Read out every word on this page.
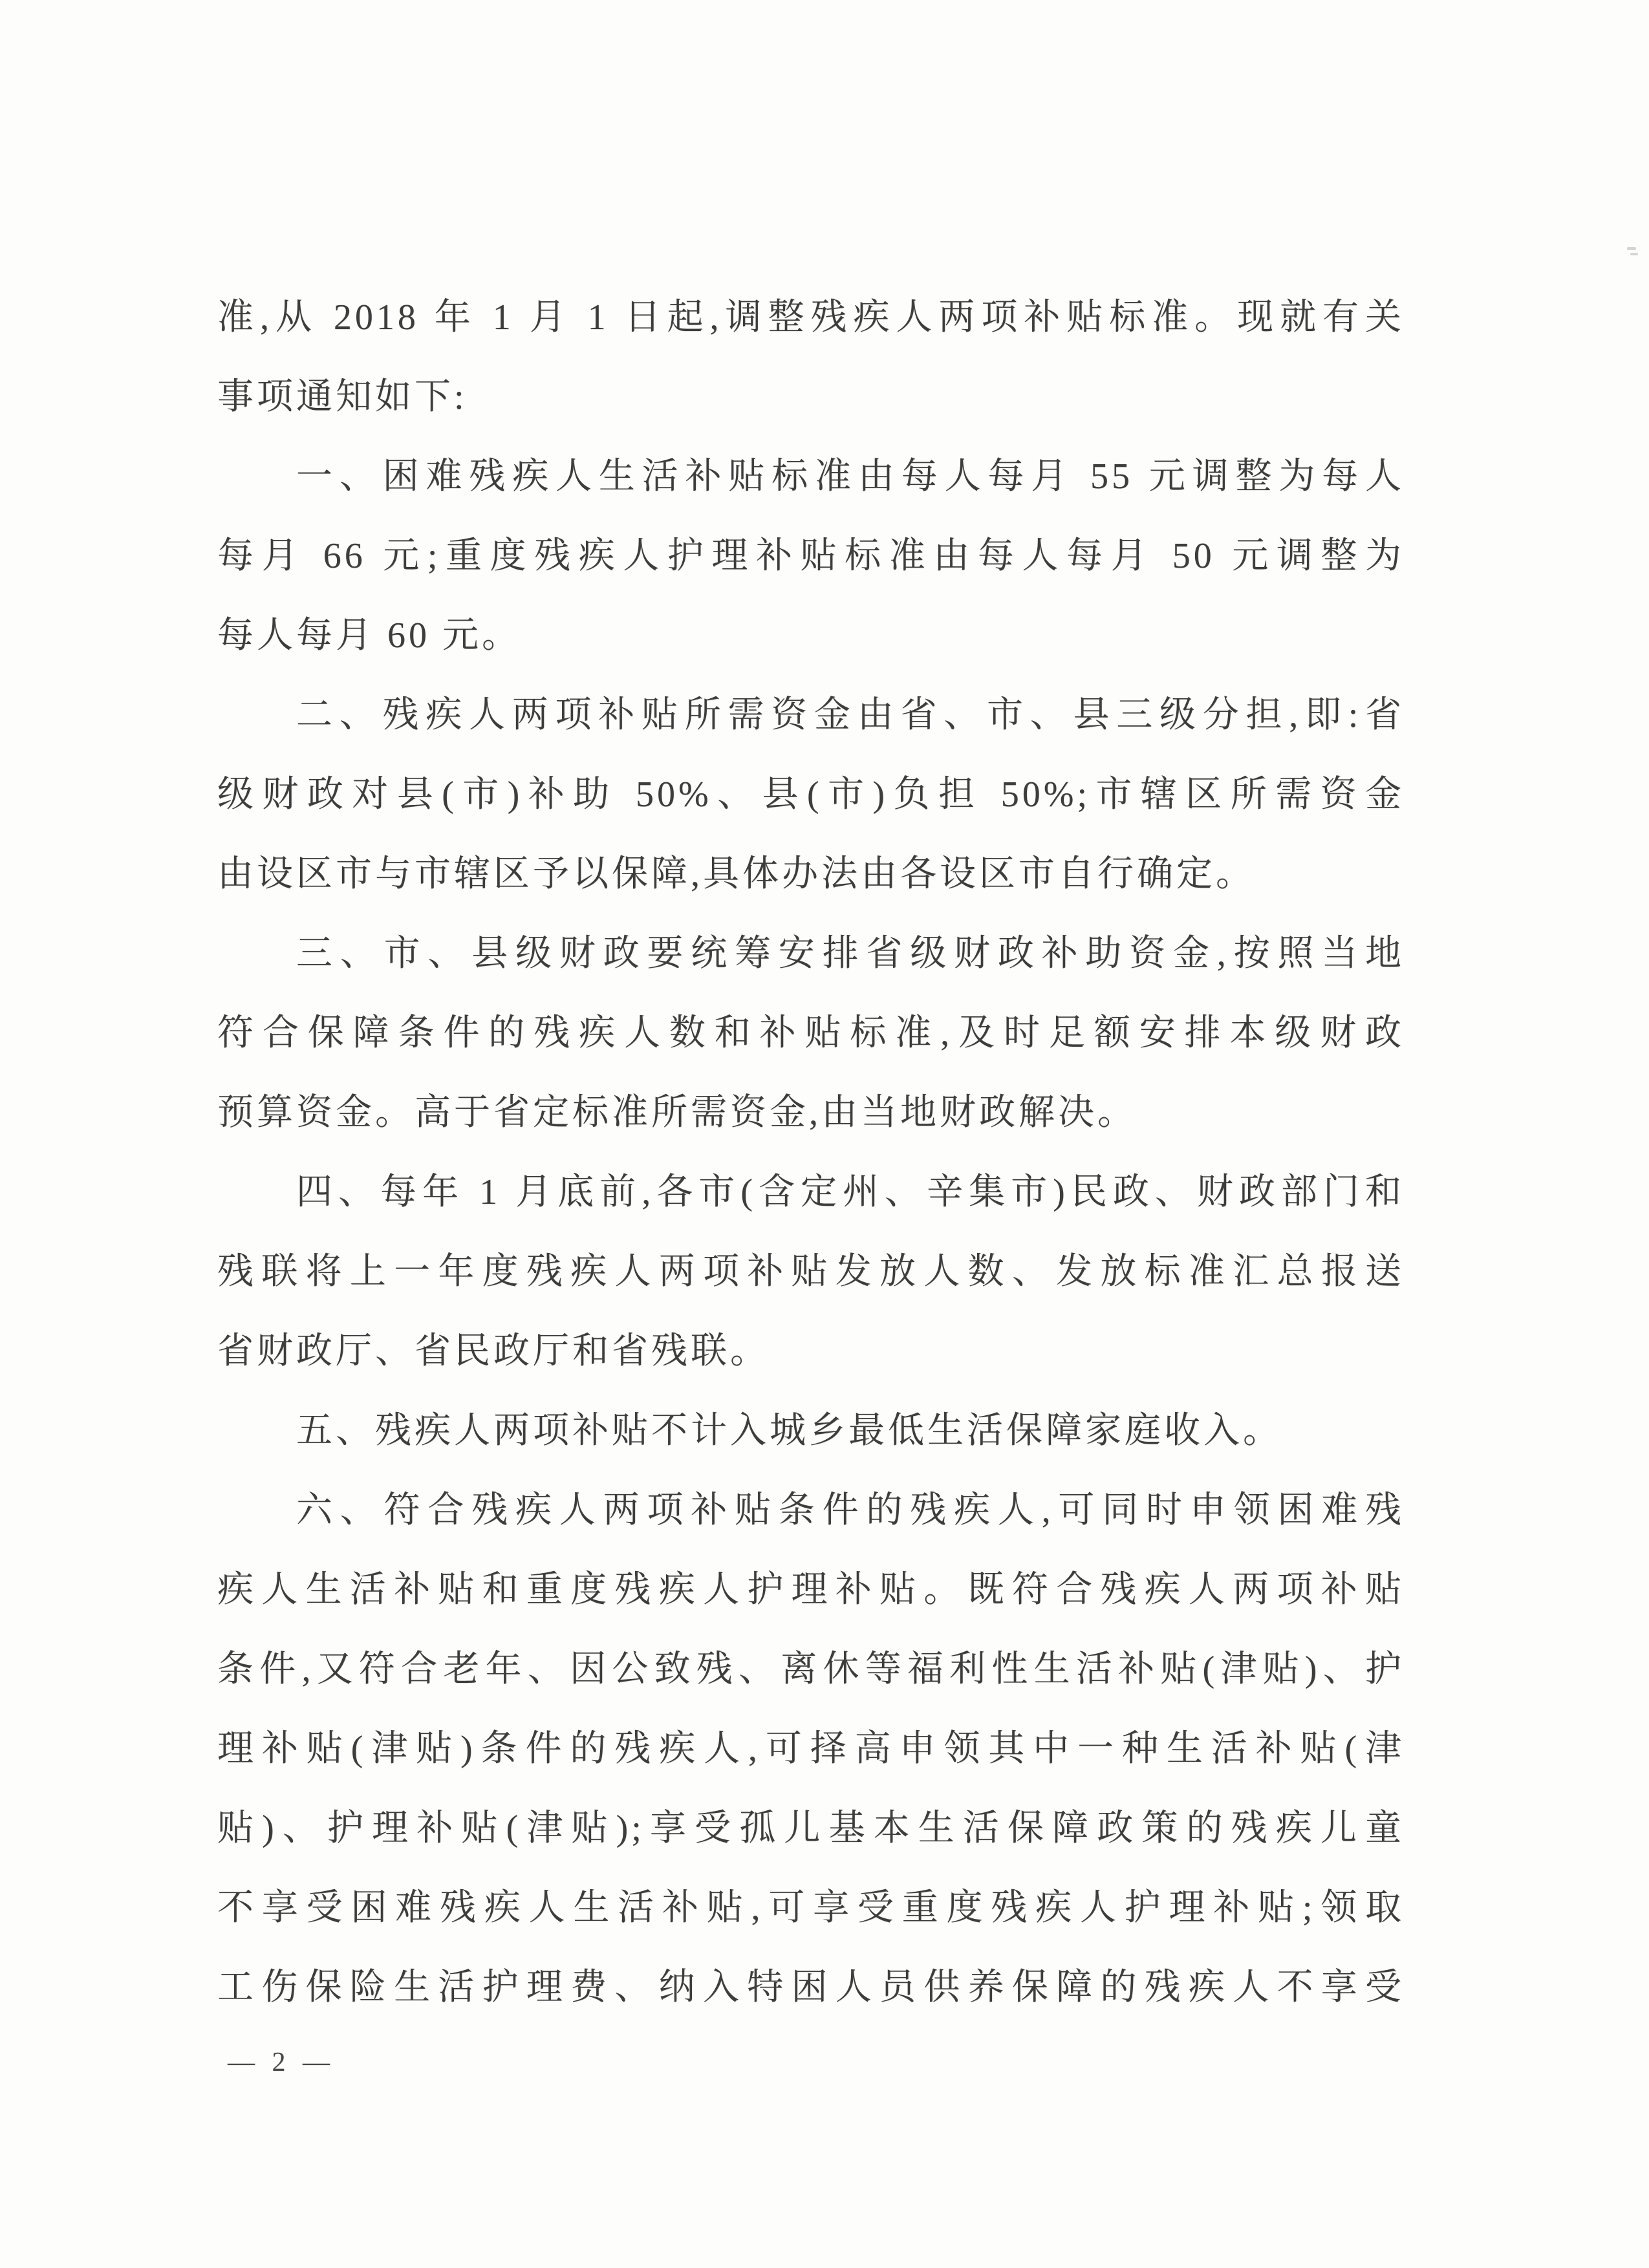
准,从 2018 年 1 月 1 日起,调整残疾人两项补贴标准。现就有关
事项通知如下:
一、困难残疾人生活补贴标准由每人每月 55 元调整为每人
每月 66 元;重度残疾人护理补贴标准由每人每月 50 元调整为
每人每月 60 元。
二、残疾人两项补贴所需资金由省、市、县三级分担,即:省
级财政对县(市)补助 50%、县(市)负担 50%;市辖区所需资金
由设区市与市辖区予以保障,具体办法由各设区市自行确定。
三、市、县级财政要统筹安排省级财政补助资金,按照当地
符合保障条件的残疾人数和补贴标准,及时足额安排本级财政
预算资金。高于省定标准所需资金,由当地财政解决。
四、每年 1 月底前,各市(含定州、辛集市)民政、财政部门和
残联将上一年度残疾人两项补贴发放人数、发放标准汇总报送
省财政厅、省民政厅和省残联。
五、残疾人两项补贴不计入城乡最低生活保障家庭收入。
六、符合残疾人两项补贴条件的残疾人,可同时申领困难残
疾人生活补贴和重度残疾人护理补贴。既符合残疾人两项补贴
条件,又符合老年、因公致残、离休等福利性生活补贴(津贴)、护
理补贴(津贴)条件的残疾人,可择高申领其中一种生活补贴(津
贴)、护理补贴(津贴);享受孤儿基本生活保障政策的残疾儿童
不享受困难残疾人生活补贴,可享受重度残疾人护理补贴;领取
工伤保险生活护理费、纳入特困人员供养保障的残疾人不享受
— 2 —
